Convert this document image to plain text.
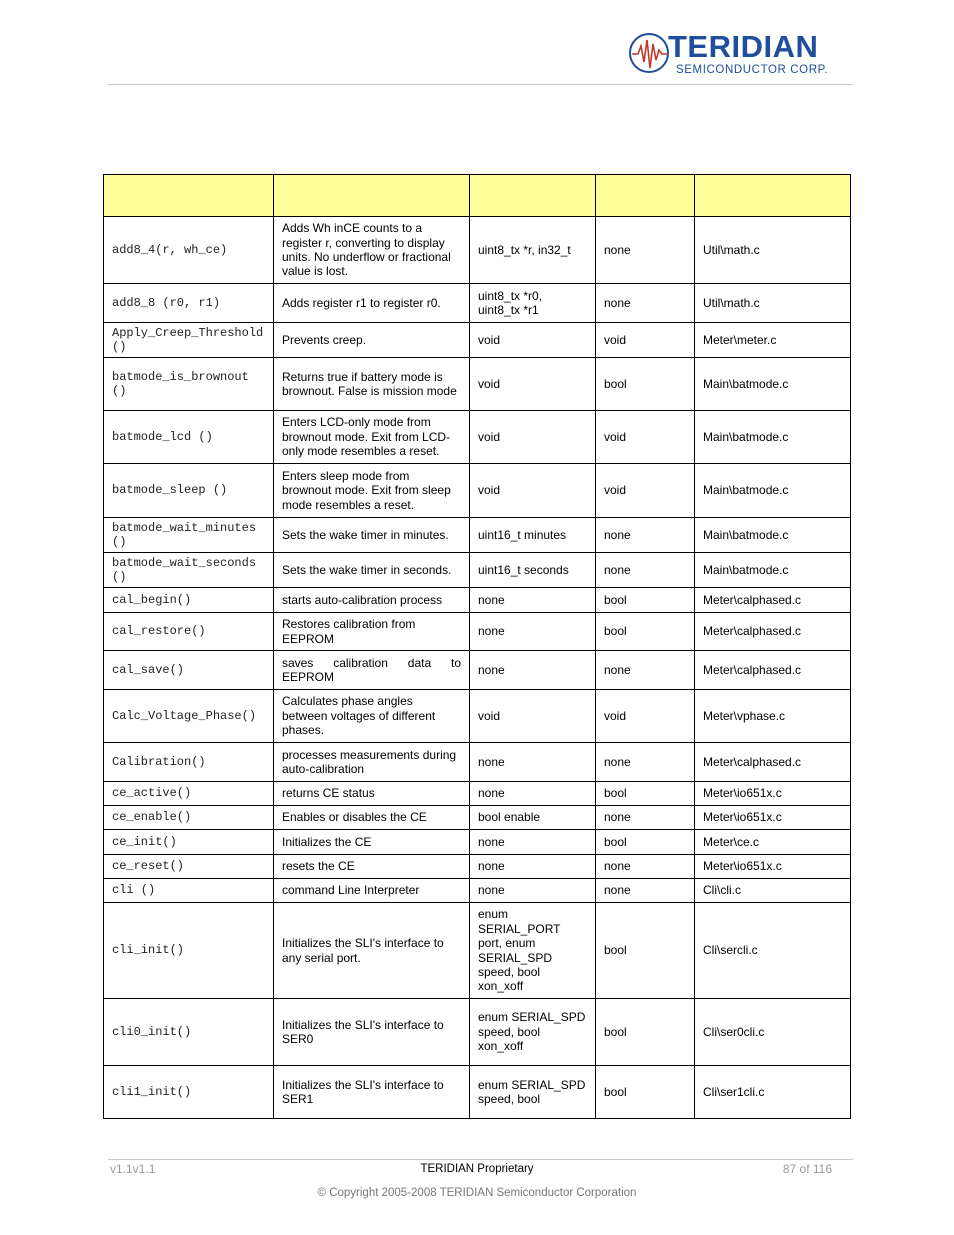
TERIDIAN
SEMICONDUCTOR CORP.

add8_4(r, wh_ce)	Adds Wh inCE counts to a register r, converting to display units. No underflow or fractional value is lost.	uint8_tx *r, in32_t	none	Util\math.c
add8_8 (r0, r1)	Adds register r1 to register r0.	uint8_tx *r0, uint8_tx *r1	none	Util\math.c
Apply_Creep_Threshold()	Prevents creep.	void	void	Meter\meter.c
batmode_is_brownout ()	Returns true if battery mode is brownout. False is mission mode	void	bool	Main\batmode.c
batmode_lcd ()	Enters LCD-only mode from brownout mode. Exit from LCD-only mode resembles a reset.	void	void	Main\batmode.c
batmode_sleep ()	Enters sleep mode from brownout mode. Exit from sleep mode resembles a reset.	void	void	Main\batmode.c
batmode_wait_minutes ()	Sets the wake timer in minutes.	uint16_t minutes	none	Main\batmode.c
batmode_wait_seconds ()	Sets the wake timer in seconds.	uint16_t seconds	none	Main\batmode.c
cal_begin()	starts auto-calibration process	none	bool	Meter\calphased.c
cal_restore()	Restores calibration from EEPROM	none	bool	Meter\calphased.c
cal_save()	saves calibration data to EEPROM	none	none	Meter\calphased.c
Calc_Voltage_Phase()	Calculates phase angles between voltages of different phases.	void	void	Meter\vphase.c
Calibration()	processes measurements during auto-calibration	none	none	Meter\calphased.c
ce_active()	returns CE status	none	bool	Meter\io651x.c
ce_enable()	Enables or disables the CE	bool enable	none	Meter\io651x.c
ce_init()	Initializes the CE	none	bool	Meter\ce.c
ce_reset()	resets the CE	none	none	Meter\io651x.c
cli ()	command Line Interpreter	none	none	Cli\cli.c
cli_init()	Initializes the SLI's interface to any serial port.	enum SERIAL_PORT port, enum SERIAL_SPD speed, bool xon_xoff	bool	Cli\sercli.c
cli0_init()	Initializes the SLI's interface to SER0	enum SERIAL_SPD speed, bool xon_xoff	bool	Cli\ser0cli.c
cli1_init()	Initializes the SLI's interface to SER1	enum SERIAL_SPD speed, bool	bool	Cli\ser1cli.c
v1.1v1.1	TERIDIAN Proprietary	87 of 116
© Copyright 2005-2008 TERIDIAN Semiconductor Corporation
